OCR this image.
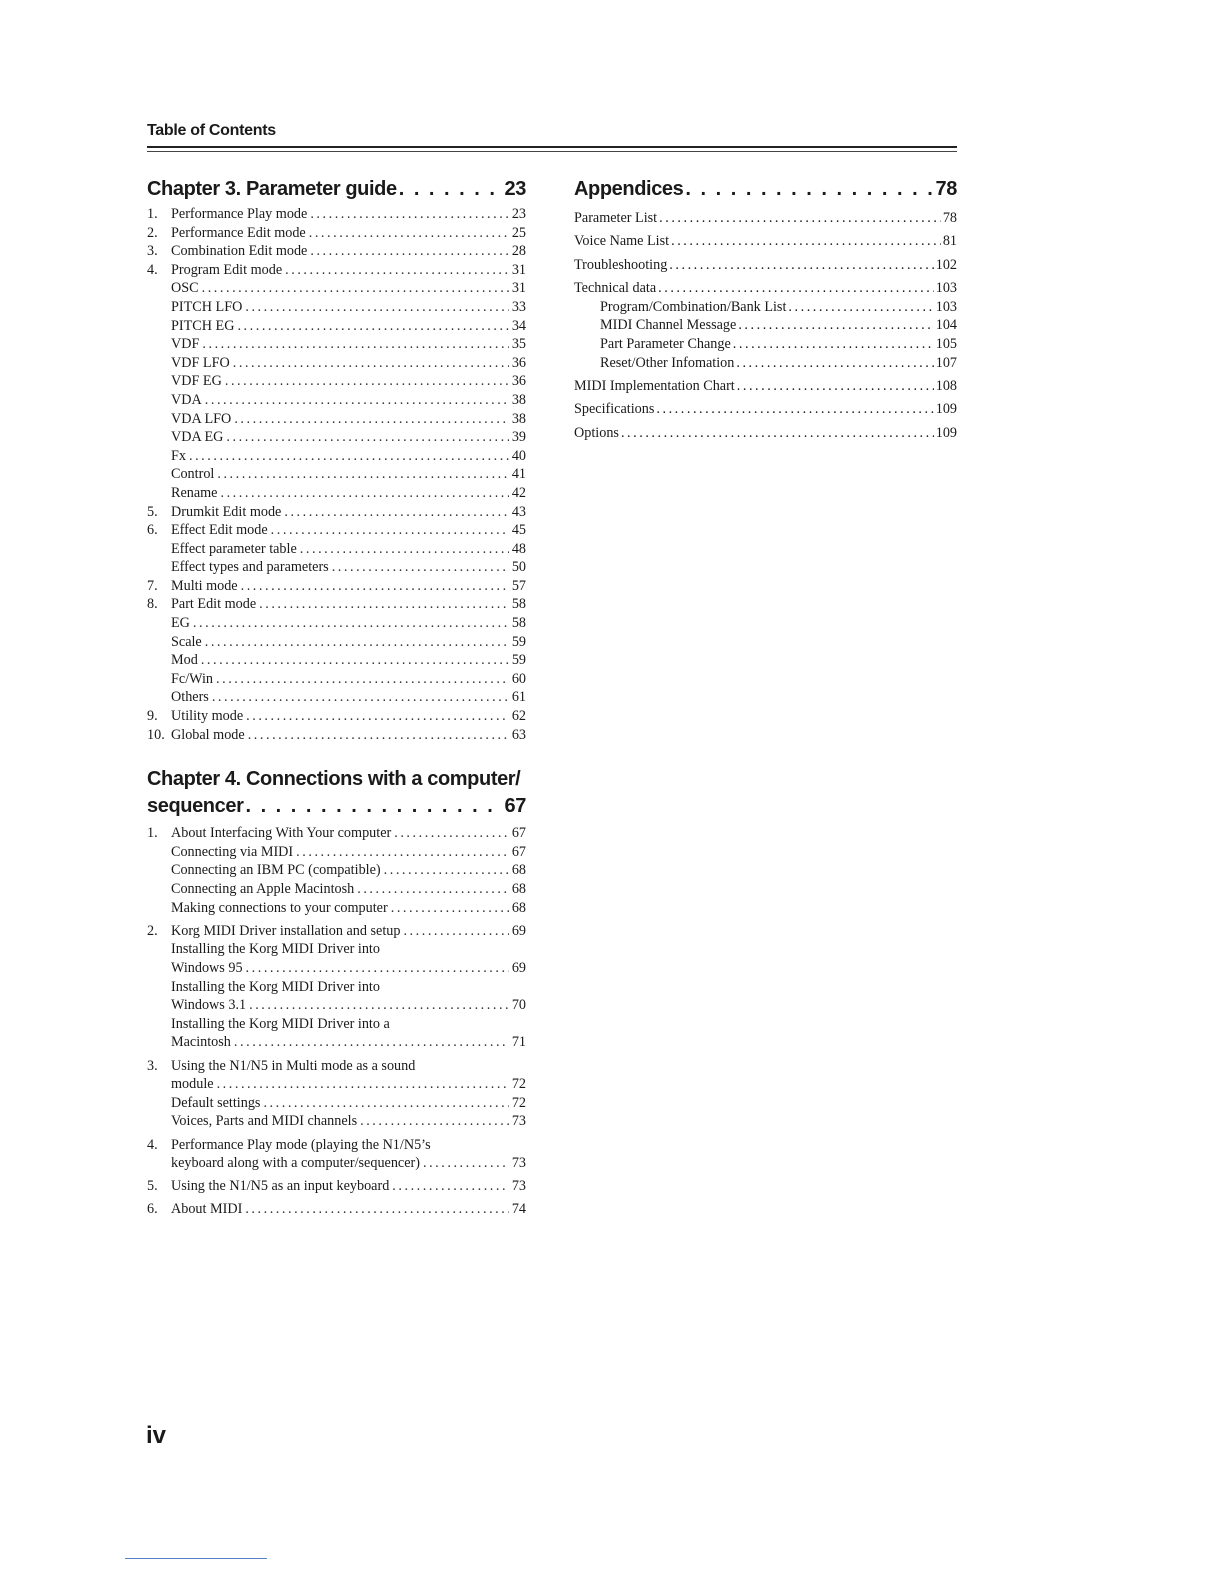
Table of Contents
Chapter 3. Parameter guide . . .	23
1. Performance Play mode . . .	23
2. Performance Edit mode . . .	25
3. Combination Edit mode . . .	28
4. Program Edit mode . . .	31
OSC . . .	31
PITCH LFO . . .	33
PITCH EG . . .	34
VDF . . .	35
VDF LFO . . .	36
VDF EG . . .	36
VDA . . .	38
VDA LFO . . .	38
VDA EG . . .	39
Fx . . .	40
Control . . .	41
Rename . . .	42
5. Drumkit Edit mode . . .	43
6. Effect Edit mode . . .	45
Effect parameter table . . .	48
Effect types and parameters . . .	50
7. Multi mode . . .	57
8. Part Edit mode . . .	58
EG . . .	58
Scale . . .	59
Mod . . .	59
Fc/Win . . .	60
Others . . .	61
9. Utility mode . . .	62
10. Global mode . . .	63
Chapter 4. Connections with a computer/
sequencer . . .	67
1. About Interfacing With Your computer . . .	67
Connecting via MIDI . . .	67
Connecting an IBM PC (compatible) . . .	68
Connecting an Apple Macintosh . . .	68
Making connections to your computer . . .	68
2. Korg MIDI Driver installation and setup . . .	69
Installing the Korg MIDI Driver into
Windows 95 . . .	69
Installing the Korg MIDI Driver into
Windows 3.1 . . .	70
Installing the Korg MIDI Driver into a
Macintosh . . .	71
3. Using the N1/N5 in Multi mode as a sound
module . . .	72
Default settings . . .	72
Voices, Parts and MIDI channels . . .	73
4. Performance Play mode (playing the N1/N5’s
keyboard along with a computer/sequencer) . . .	73
5. Using the N1/N5 as an input keyboard . . .	73
6. About MIDI . . .	74
Appendices . . .	78
Parameter List . . .	78
Voice Name List . . .	81
Troubleshooting . . .	102
Technical data . . .	103
Program/Combination/Bank List . . .	103
MIDI Channel Message . . .	104
Part Parameter Change . . .	105
Reset/Other Infomation . . .	107
MIDI Implementation Chart . . .	108
Specifications . . .	109
Options . . .	109
iv
